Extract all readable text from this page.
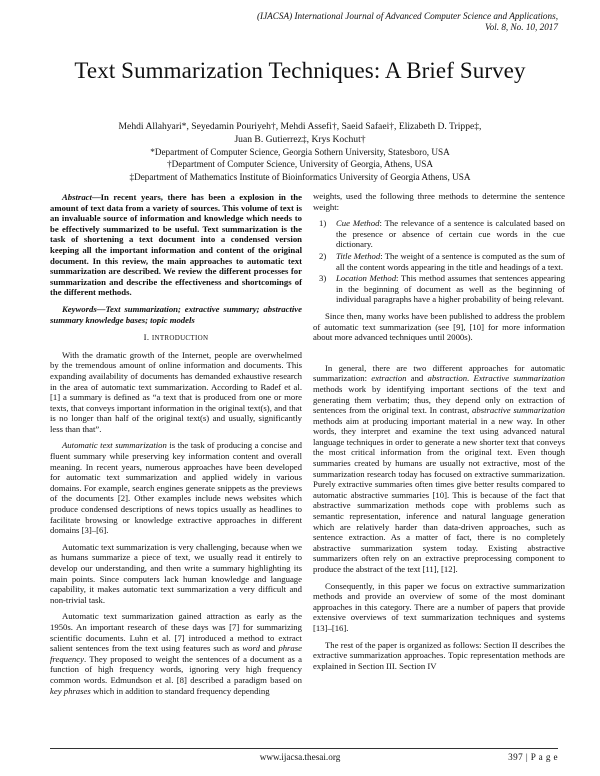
(IJACSA) International Journal of Advanced Computer Science and Applications,
Vol. 8, No. 10, 2017
Text Summarization Techniques: A Brief Survey
Mehdi Allahyari*, Seyedamin Pouriyeh†, Mehdi Assefi†, Saeid Safaei†, Elizabeth D. Trippe‡,
Juan B. Gutierrez‡, Krys Kochut†
*Department of Computer Science, Georgia Sothern University, Statesboro, USA
†Department of Computer Science, University of Georgia, Athens, USA
‡Department of Mathematics Institute of Bioinformatics University of Georgia Athens, USA

Abstract—In recent years, there has been a explosion in the amount of text data from a variety of sources. This volume of text is an invaluable source of information and knowledge which needs to be effectively summarized to be useful. Text summarization is the task of shortening a text document into a condensed version keeping all the important information and content of the original document. In this review, the main approaches to automatic text summarization are described. We review the different processes for summarization and describe the effectiveness and shortcomings of the different methods.

Keywords—Text summarization; extractive summary; abstractive summary knowledge bases; topic models

I. INTRODUCTION

With the dramatic growth of the Internet, people are overwhelmed by the tremendous amount of online information and documents. This expanding availability of documents has demanded exhaustive research in the area of automatic text summarization. According to Radef et al. [1] a summary is defined as “a text that is produced from one or more texts, that conveys important information in the original text(s), and that is no longer than half of the original text(s) and usually, significantly less than that”.

Automatic text summarization is the task of producing a concise and fluent summary while preserving key information content and overall meaning. In recent years, numerous approaches have been developed for automatic text summarization and applied widely in various domains. For example, search engines generate snippets as the previews of the documents [2]. Other examples include news websites which produce condensed descriptions of news topics usually as headlines to facilitate browsing or knowledge extractive approaches in different domains [3]–[6].

Automatic text summarization is very challenging, because when we as humans summarize a piece of text, we usually read it entirely to develop our understanding, and then write a summary highlighting its main points. Since computers lack human knowledge and language capability, it makes automatic text summarization a very difficult and non-trivial task.

Automatic text summarization gained attraction as early as the 1950s. An important research of these days was [7] for summarizing scientific documents. Luhn et al. [7] introduced a method to extract salient sentences from the text using features such as word and phrase frequency. They proposed to weight the sentences of a document as a function of high frequency words, ignoring very high frequency common words. Edmundson et al. [8] described a paradigm based on key phrases which in addition to standard frequency depending

weights, used the following three methods to determine the sentence weight:

1) Cue Method: The relevance of a sentence is calculated based on the presence or absence of certain cue words in the cue dictionary.
2) Title Method: The weight of a sentence is computed as the sum of all the content words appearing in the title and headings of a text.
3) Location Method: This method assumes that sentences appearing in the beginning of document as well as the beginning of individual paragraphs have a higher probability of being relevant.

Since then, many works have been published to address the problem of automatic text summarization (see [9], [10] for more information about more advanced techniques until 2000s).

In general, there are two different approaches for automatic summarization: extraction and abstraction. Extractive summarization methods work by identifying important sections of the text and generating them verbatim; thus, they depend only on extraction of sentences from the original text. In contrast, abstractive summarization methods aim at producing important material in a new way. In other words, they interpret and examine the text using advanced natural language techniques in order to generate a new shorter text that conveys the most critical information from the original text. Even though summaries created by humans are usually not extractive, most of the summarization research today has focused on extractive summarization. Purely extractive summaries often times give better results compared to automatic abstractive summaries [10]. This is because of the fact that abstractive summarization methods cope with problems such as semantic representation, inference and natural language generation which are relatively harder than data-driven approaches, such as sentence extraction. As a matter of fact, there is no completely abstractive summarization system today. Existing abstractive summarizers often rely on an extractive preprocessing component to produce the abstract of the text [11], [12].

Consequently, in this paper we focus on extractive summarization methods and provide an overview of some of the most dominant approaches in this category. There are a number of papers that provide extensive overviews of text summarization techniques and systems [13]–[16].

The rest of the paper is organized as follows: Section II describes the extractive summarization approaches. Topic representation methods are explained in Section III. Section IV

www.ijacsa.thesai.org	397 | P a g e
